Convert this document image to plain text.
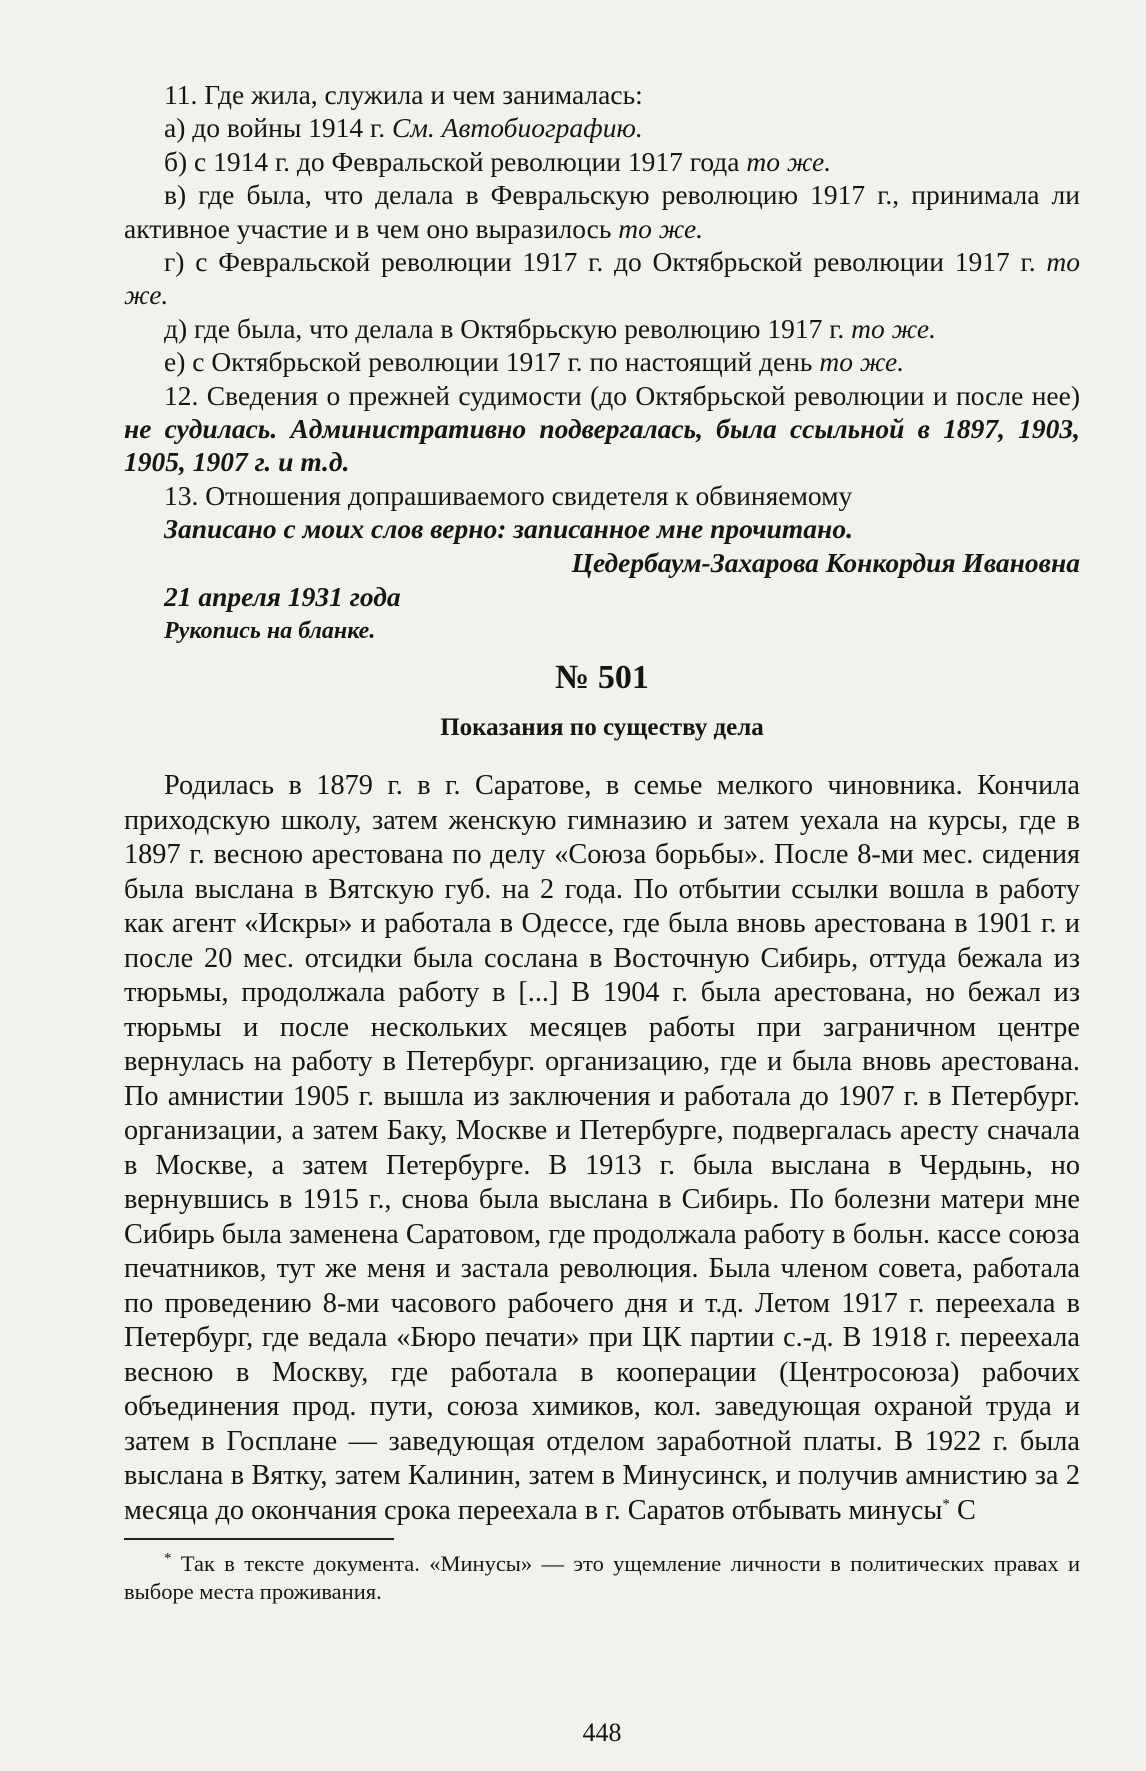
11. Где жила, служила и чем занималась:

а) до войны 1914 г. См. Автобиографию.

б) с 1914 г. до Февральской революции 1917 года то же.

в) где была, что делала в Февральскую революцию 1917 г., принимала ли активное участие и в чем оно выразилось то же.

г) с Февральской революции 1917 г. до Октябрьской революции 1917 г. то же.

д) где была, что делала в Октябрьскую революцию 1917 г. то же.

е) с Октябрьской революции 1917 г. по настоящий день то же.

12. Сведения о прежней судимости (до Октябрьской революции и после нее) не судилась. Административно подвергалась, была ссыльной в 1897, 1903, 1905, 1907 г. и т.д.

13. Отношения допрашиваемого свидетеля к обвиняемому

Записано с моих слов верно: записанное мне прочитано.

Цедербаум-Захарова Конкордия Ивановна

21 апреля 1931 года

Рукопись на бланке.

№ 501
Показания по существу дела

Родилась в 1879 г. в г. Саратове, в семье мелкого чиновника. Кончила приходскую школу, затем женскую гимназию и затем уехала на курсы, где в 1897 г. весною арестована по делу «Союза борьбы». После 8-ми мес. сидения была выслана в Вятскую губ. на 2 года. По отбытии ссылки вошла в работу как агент «Искры» и работала в Одессе, где была вновь арестована в 1901 г. и после 20 мес. отсидки была сослана в Восточную Сибирь, оттуда бежала из тюрьмы, продолжала работу в [...] В 1904 г. была арестована, но бежал из тюрьмы и после нескольких месяцев работы при заграничном центре вернулась на работу в Петербург. организацию, где и была вновь арестована. По амнистии 1905 г. вышла из заключения и работала до 1907 г. в Петербург. организации, а затем Баку, Москве и Петербурге, подвергалась аресту сначала в Москве, а затем Петербурге. В 1913 г. была выслана в Чердынь, но вернувшись в 1915 г., снова была выслана в Сибирь. По болезни матери мне Сибирь была заменена Саратовом, где продолжала работу в больн. кассе союза печатников, тут же меня и застала революция. Была членом совета, работала по проведению 8-ми часового рабочего дня и т.д. Летом 1917 г. переехала в Петербург, где ведала «Бюро печати» при ЦК партии с.-д. В 1918 г. переехала весною в Москву, где работала в кооперации (Центросоюза) рабочих объединения прод. пути, союза химиков, кол. заведующая охраной труда и затем в Госплане — заведующая отделом заработной платы. В 1922 г. была выслана в Вятку, затем Калинин, затем в Минусинск, и получив амнистию за 2 месяца до окончания срока переехала в г. Саратов отбывать минусы* С

* Так в тексте документа. «Минусы» — это ущемление личности в политических правах и выборе места проживания.

448
